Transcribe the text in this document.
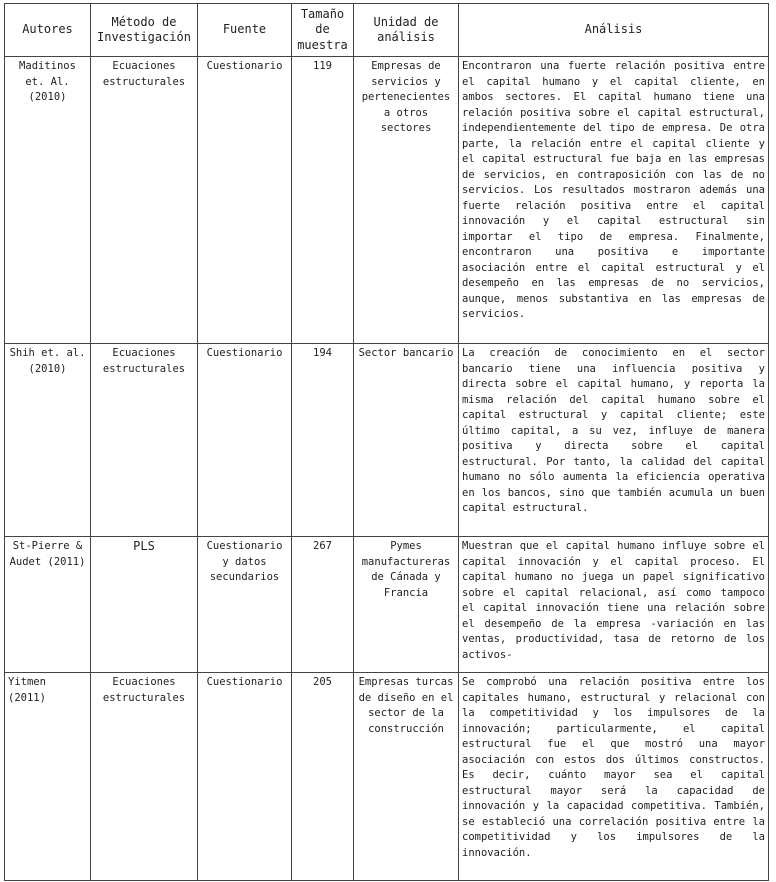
Autores	Método de Investigación	Fuente	Tamaño de muestra	Unidad de análisis	Análisis
Maditinos et. Al. (2010)	Ecuaciones estructurales	Cuestionario	119	Empresas de servicios y pertenecientes a otros sectores	Encontraron una fuerte relación positiva entre el capital humano y el capital cliente, en ambos sectores. El capital humano tiene una relación positiva sobre el capital estructural, independientemente del tipo de empresa. De otra parte, la relación entre el capital cliente y el capital estructural fue baja en las empresas de servicios, en contraposición con las de no servicios. Los resultados mostraron además una fuerte relación positiva entre el capital innovación y el capital estructural sin importar el tipo de empresa. Finalmente, encontraron una positiva e importante asociación entre el capital estructural y el desempeño en las empresas de no servicios, aunque, menos substantiva en las empresas de servicios.
Shih et. al. (2010)	Ecuaciones estructurales	Cuestionario	194	Sector bancario	La creación de conocimiento en el sector bancario tiene una influencia positiva y directa sobre el capital humano, y reporta la misma relación del capital humano sobre el capital estructural y capital cliente; este último capital, a su vez, influye de manera positiva y directa sobre el capital estructural. Por tanto, la calidad del capital humano no sólo aumenta la eficiencia operativa en los bancos, sino que también acumula un buen capital estructural.
St-Pierre & Audet (2011)	PLS	Cuestionario y datos secundarios	267	Pymes manufactureras de Cánada y Francia	Muestran que el capital humano influye sobre el capital innovación y el capital proceso. El capital humano no juega un papel significativo sobre el capital relacional, así como tampoco el capital innovación tiene una relación sobre el desempeño de la empresa -variación en las ventas, productividad, tasa de retorno de los activos-
Yitmen (2011)	Ecuaciones estructurales	Cuestionario	205	Empresas turcas de diseño en el sector de la construcción	Se comprobó una relación positiva entre los capitales humano, estructural y relacional con la competitividad y los impulsores de la innovación; particularmente, el capital estructural fue el que mostró una mayor asociación con estos dos últimos constructos. Es decir, cuánto mayor sea el capital estructural mayor será la capacidad de innovación y la capacidad competitiva. También, se estableció una correlación positiva entre la competitividad y los impulsores de la innovación.
